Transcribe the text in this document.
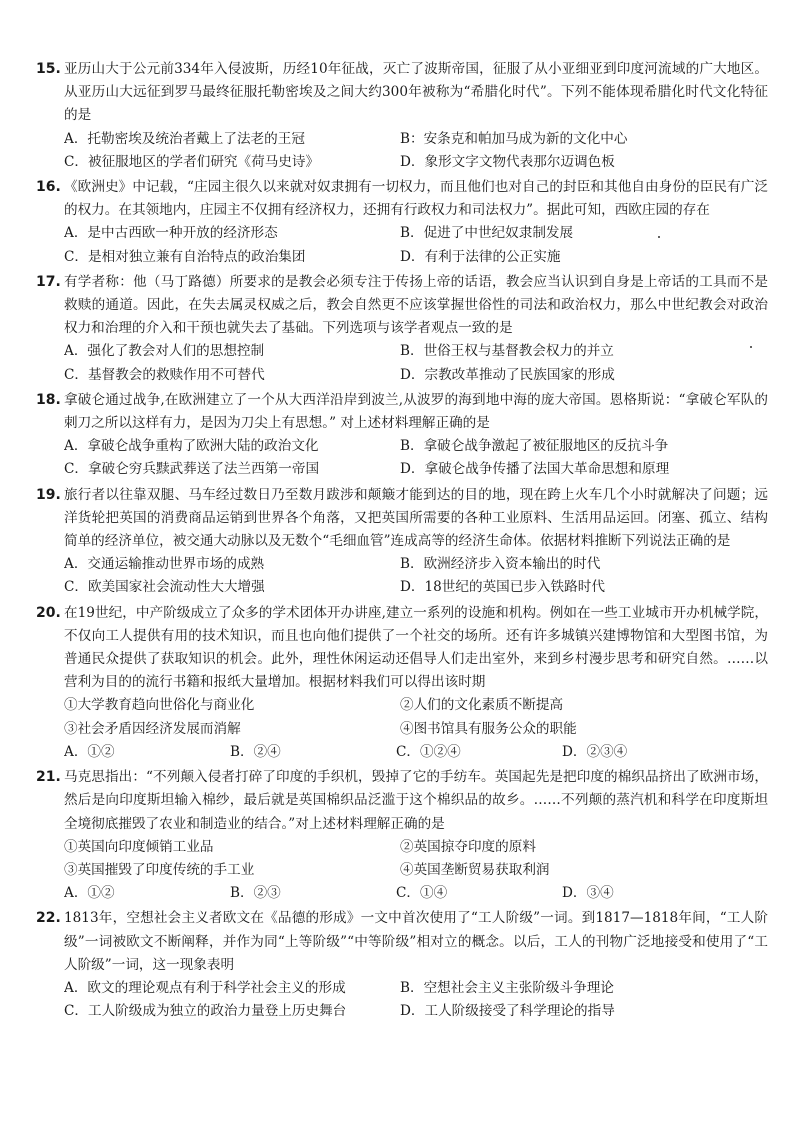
15. 亚历山大于公元前334年入侵波斯，历经10年征战，灭亡了波斯帝国，征服了从小亚细亚到印度河流域的广大地区。从亚历山大远征到罗马最终征服托勒密埃及之间大约300年被称为“希腊化时代”。下列不能体现希腊化时代文化特征的是
A．托勒密埃及统治者戴上了法老的王冠	B：安条克和帕加马成为新的文化中心
C．被征服地区的学者们研究《荷马史诗》	D．象形文字文物代表那尔迈调色板
16. 《欧洲史》中记载，“庄园主很久以来就对奴隶拥有一切权力，而且他们也对自己的封臣和其他自由身份的臣民有广泛的权力。在其领地内，庄园主不仅拥有经济权力，还拥有行政权力和司法权力”。据此可知，西欧庄园的存在
A．是中古西欧一种开放的经济形态	B．促进了中世纪奴隶制发展
C．是相对独立兼有自治特点的政治集团	D．有利于法律的公正实施
17. 有学者称：他（马丁路德）所要求的是教会必须专注于传扬上帝的话语，教会应当认识到自身是上帝话的工具而不是救赎的通道。因此，在失去属灵权威之后，教会自然更不应该掌握世俗性的司法和政治权力，那么中世纪教会对政治权力和治理的介入和干预也就失去了基础。下列选项与该学者观点一致的是
A．强化了教会对人们的思想控制	B．世俗王权与基督教会权力的并立
C．基督教会的救赎作用不可替代	D．宗教改革推动了民族国家的形成
18. 拿破仑通过战争,在欧洲建立了一个从大西洋沿岸到波兰,从波罗的海到地中海的庞大帝国。恩格斯说：“拿破仑军队的刺刀之所以这样有力，是因为刀尖上有思想。” 对上述材料理解正确的是
A．拿破仑战争重构了欧洲大陆的政治文化	B．拿破仑战争激起了被征服地区的反抗斗争
C．拿破仑穷兵黩武葬送了法兰西第一帝国	D．拿破仑战争传播了法国大革命思想和原理
19. 旅行者以往靠双腿、马车经过数日乃至数月跋涉和颠簸才能到达的目的地，现在跨上火车几个小时就解决了问题；远洋货轮把英国的消费商品运销到世界各个角落，又把英国所需要的各种工业原料、生活用品运回。闭塞、孤立、结构简单的经济单位，被交通大动脉以及无数个“毛细血管”连成高等的经济生命体。依据材料推断下列说法正确的是
A．交通运输推动世界市场的成熟	B．欧洲经济步入资本输出的时代
C．欧美国家社会流动性大大增强	D．18世纪的英国已步入铁路时代
20. 在19世纪，中产阶级成立了众多的学术团体开办讲座,建立一系列的设施和机构。例如在一些工业城市开办机械学院，不仅向工人提供有用的技术知识，而且也向他们提供了一个社交的场所。还有许多城镇兴建博物馆和大型图书馆，为普通民众提供了获取知识的机会。此外，理性休闲运动还倡导人们走出室外，来到乡村漫步思考和研究自然。……以营利为目的的流行书籍和报纸大量增加。根据材料我们可以得出该时期
①大学教育趋向世俗化与商业化	②人们的文化素质不断提高
③社会矛盾因经济发展而消解	④图书馆具有服务公众的职能
A．①②	B．②④	C．①②④	D．②③④
21. 马克思指出：“不列颠入侵者打碎了印度的手织机，毁掉了它的手纺车。英国起先是把印度的棉织品挤出了欧洲市场，然后是向印度斯坦输入棉纱，最后就是英国棉织品泛滥于这个棉织品的故乡。……不列颠的蒸汽机和科学在印度斯坦全境彻底摧毁了农业和制造业的结合。”对上述材料理解正确的是
①英国向印度倾销工业品	②英国掠夺印度的原料
③英国摧毁了印度传统的手工业	④英国垄断贸易获取利润
A．①②	B．②③	C．①④	D．③④
22. 1813年，空想社会主义者欧文在《品德的形成》一文中首次使用了“工人阶级”一词。到1817—1818年间，“工人阶级”一词被欧文不断阐释，并作为同“上等阶级”“中等阶级”相对立的概念。以后，工人的刊物广泛地接受和使用了“工人阶级”一词，这一现象表明
A．欧文的理论观点有利于科学社会主义的形成	B．空想社会主义主张阶级斗争理论
C．工人阶级成为独立的政治力量登上历史舞台	D．工人阶级接受了科学理论的指导
